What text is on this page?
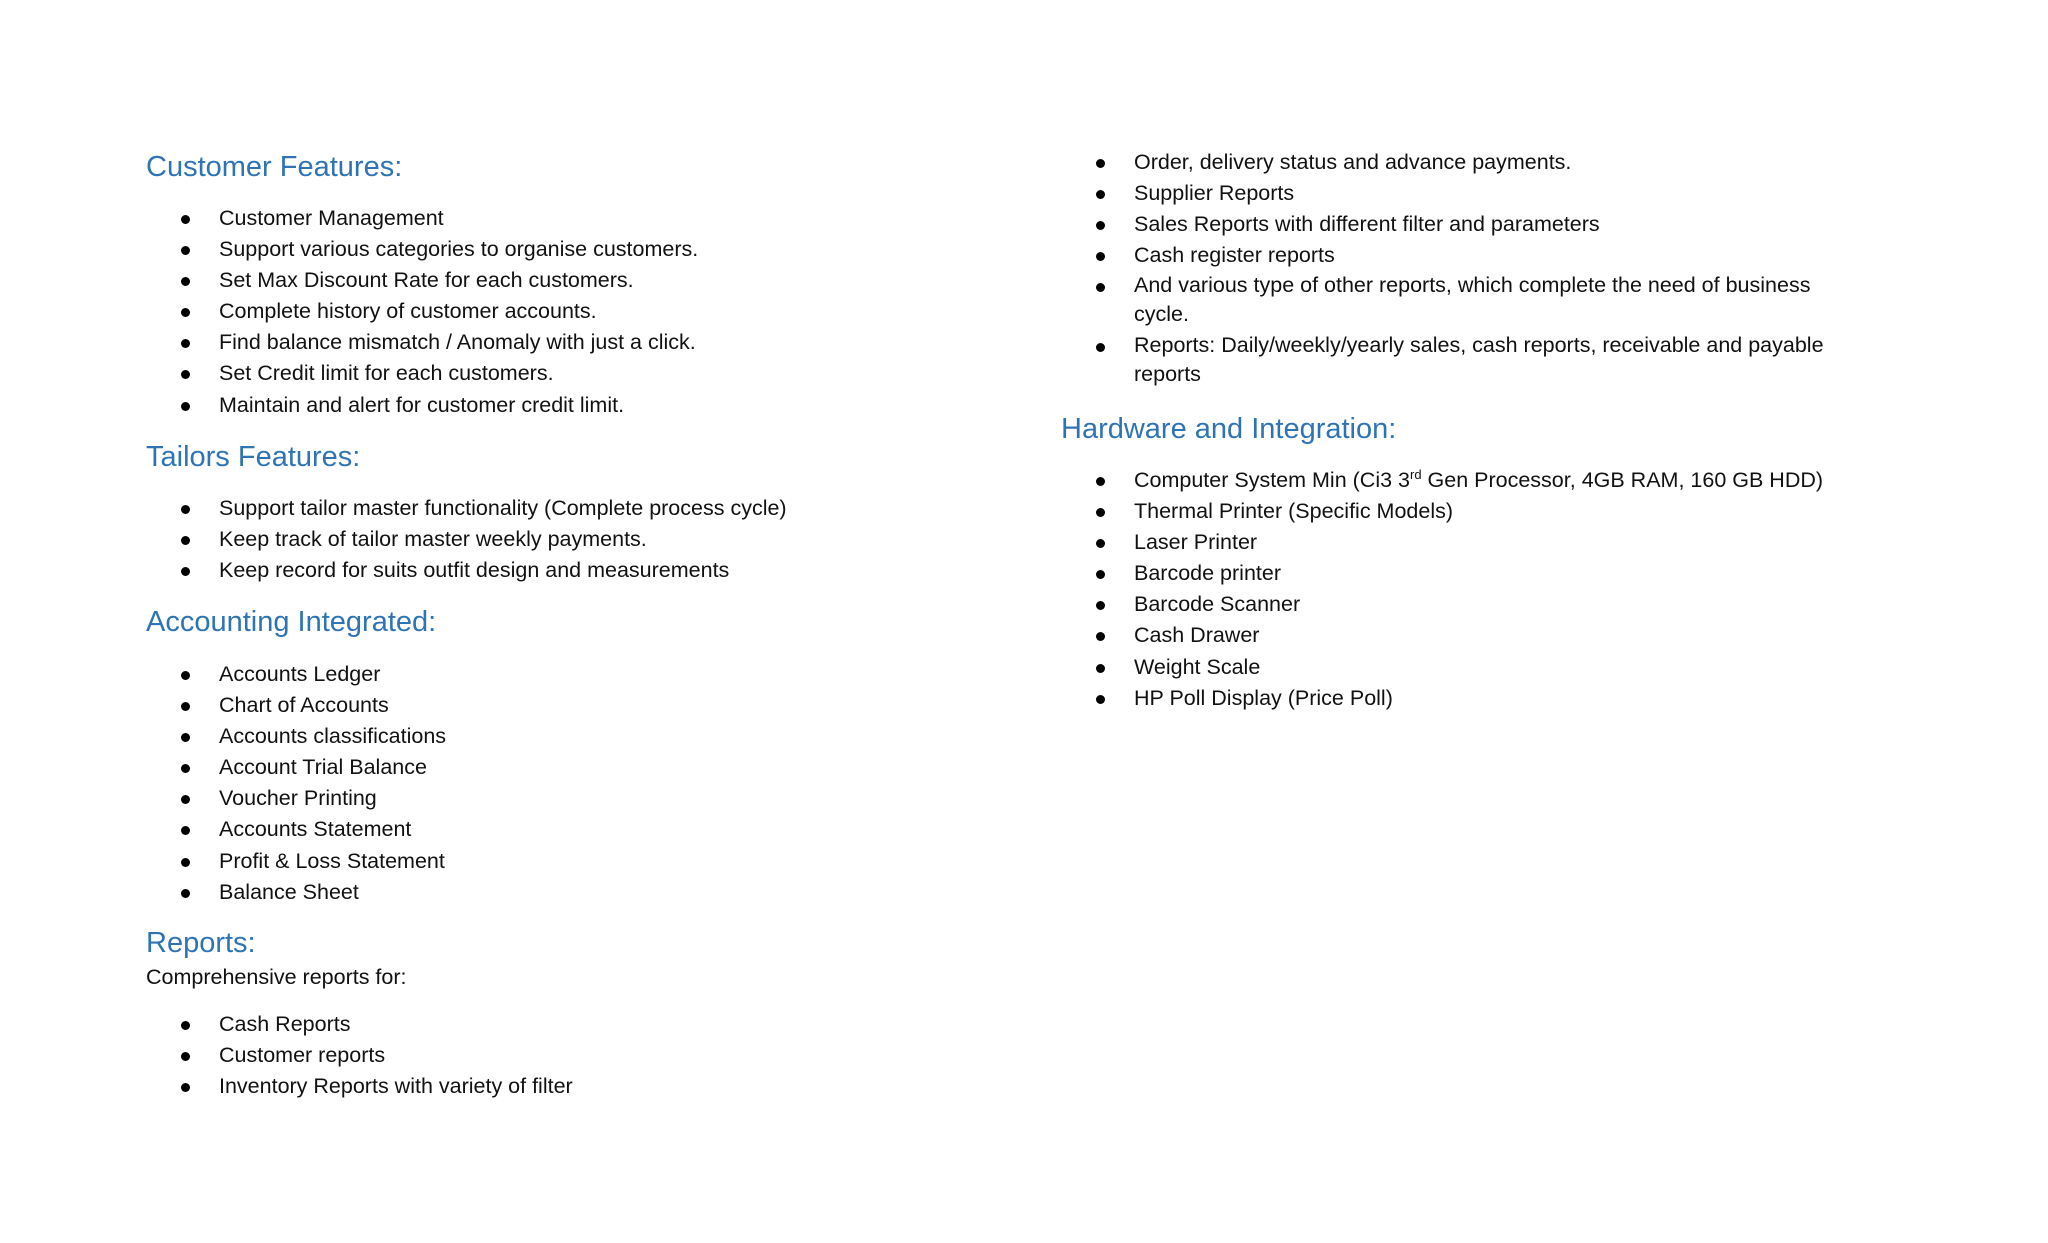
Customer Features:
Customer Management
Support various categories to organise customers.
Set Max Discount Rate for each customers.
Complete history of customer accounts.
Find balance mismatch / Anomaly with just a click.
Set Credit limit for each customers.
Maintain and alert for customer credit limit.
Tailors Features:
Support tailor master functionality (Complete process cycle)
Keep track of tailor master weekly payments.
Keep record for suits outfit design and measurements
Accounting Integrated:
Accounts Ledger
Chart of Accounts
Accounts classifications
Account Trial Balance
Voucher Printing
Accounts Statement
Profit & Loss Statement
Balance Sheet
Reports:

Comprehensive reports for:

Cash Reports
Customer reports
Inventory Reports with variety of filter
Order, delivery status and advance payments.
Supplier Reports
Sales Reports with different filter and parameters
Cash register reports
And various type of other reports, which complete the need of business
cycle.
Reports: Daily/weekly/yearly sales, cash reports, receivable and payable
reports
Hardware and Integration:
Computer System Min (Ci3 3rd Gen Processor, 4GB RAM, 160 GB HDD)
Thermal Printer (Specific Models)
Laser Printer
Barcode printer
Barcode Scanner
Cash Drawer
Weight Scale
HP Poll Display (Price Poll)
